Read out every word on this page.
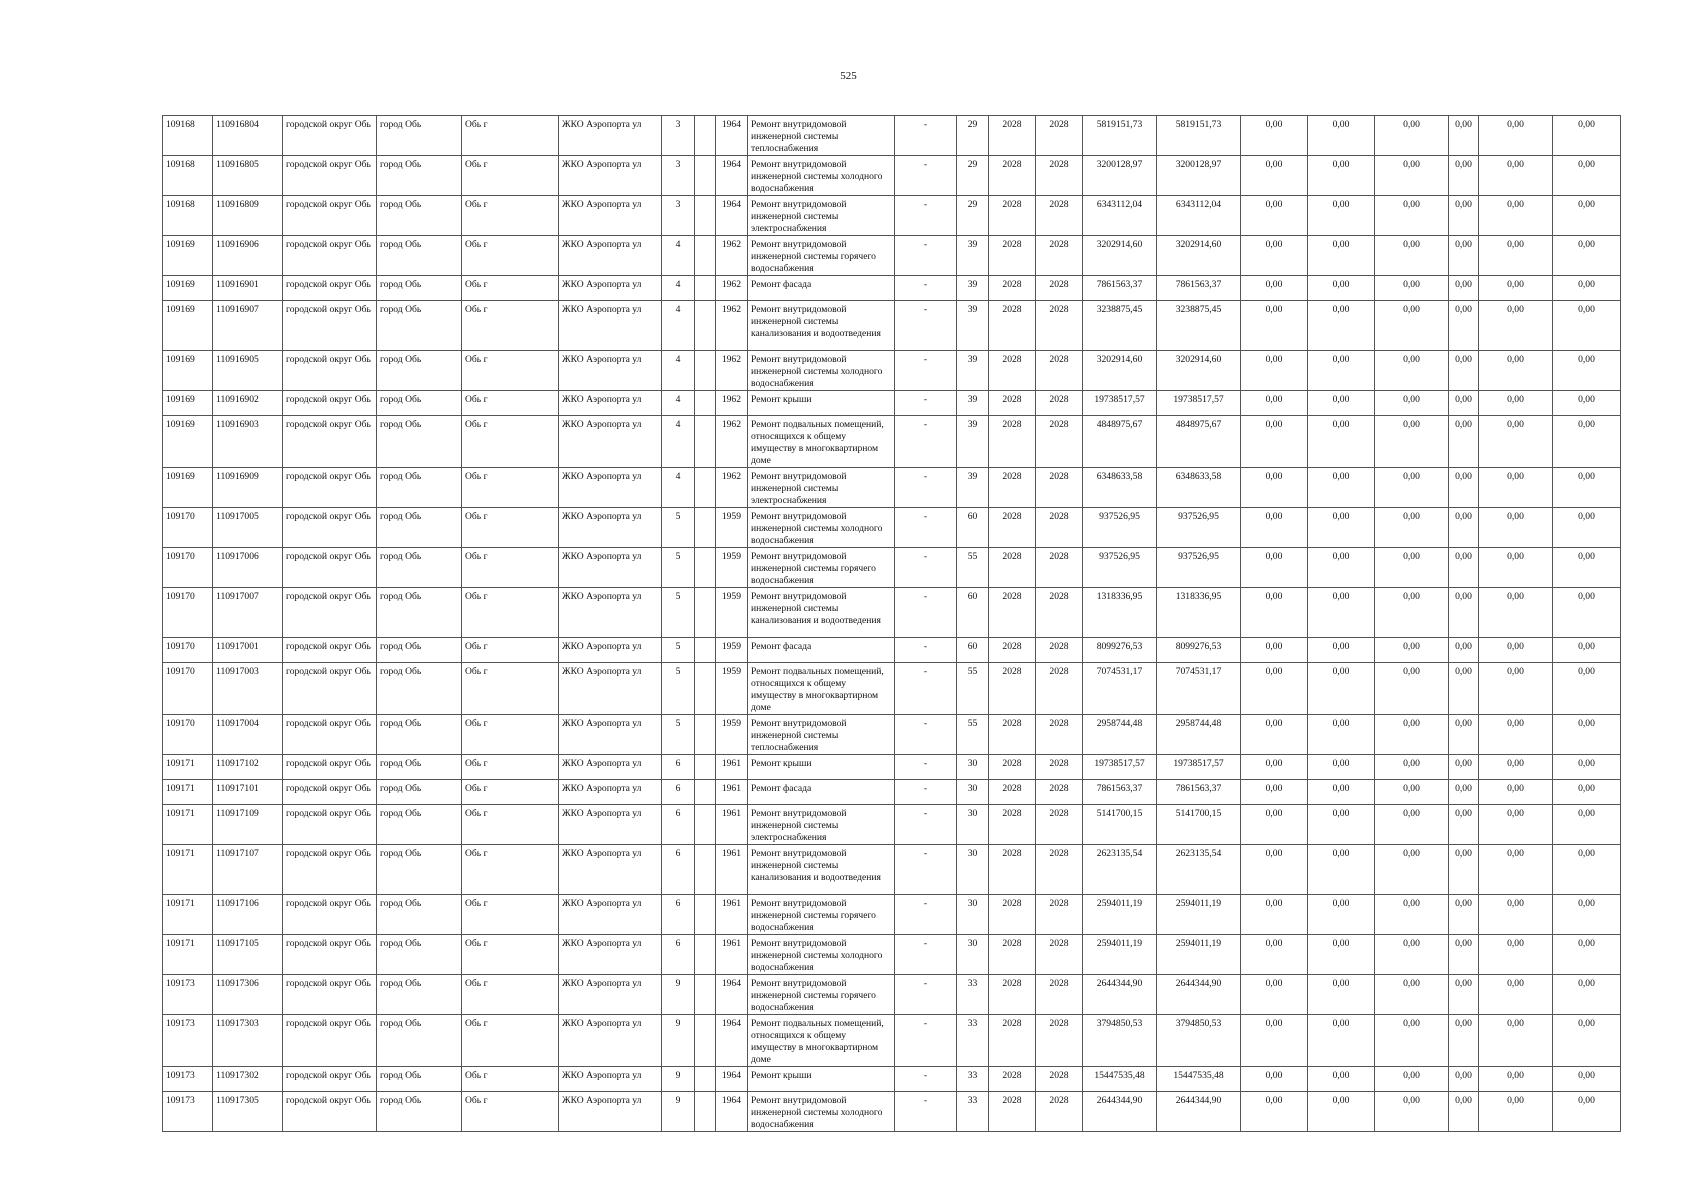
525
109168	110916804	городской округ Обь	город Обь	Обь г	ЖКО Аэропорта ул	3		1964	Ремонт внутридомовой инженерной системы теплоснабжения	-	29	2028	2028	5819151,73	5819151,73	0,00	0,00	0,00	0,00	0,00	0,00
109168	110916805	городской округ Обь	город Обь	Обь г	ЖКО Аэропорта ул	3		1964	Ремонт внутридомовой инженерной системы холодного водоснабжения	-	29	2028	2028	3200128,97	3200128,97	0,00	0,00	0,00	0,00	0,00	0,00
109168	110916809	городской округ Обь	город Обь	Обь г	ЖКО Аэропорта ул	3		1964	Ремонт внутридомовой инженерной системы электроснабжения	-	29	2028	2028	6343112,04	6343112,04	0,00	0,00	0,00	0,00	0,00	0,00
109169	110916906	городской округ Обь	город Обь	Обь г	ЖКО Аэропорта ул	4		1962	Ремонт внутридомовой инженерной системы горячего водоснабжения	-	39	2028	2028	3202914,60	3202914,60	0,00	0,00	0,00	0,00	0,00	0,00
109169	110916901	городской округ Обь	город Обь	Обь г	ЖКО Аэропорта ул	4		1962	Ремонт фасада	-	39	2028	2028	7861563,37	7861563,37	0,00	0,00	0,00	0,00	0,00	0,00
109169	110916907	городской округ Обь	город Обь	Обь г	ЖКО Аэропорта ул	4		1962	Ремонт внутридомовой инженерной системы канализования и водоотведения	-	39	2028	2028	3238875,45	3238875,45	0,00	0,00	0,00	0,00	0,00	0,00
109169	110916905	городской округ Обь	город Обь	Обь г	ЖКО Аэропорта ул	4		1962	Ремонт внутридомовой инженерной системы холодного водоснабжения	-	39	2028	2028	3202914,60	3202914,60	0,00	0,00	0,00	0,00	0,00	0,00
109169	110916902	городской округ Обь	город Обь	Обь г	ЖКО Аэропорта ул	4		1962	Ремонт крыши	-	39	2028	2028	19738517,57	19738517,57	0,00	0,00	0,00	0,00	0,00	0,00
109169	110916903	городской округ Обь	город Обь	Обь г	ЖКО Аэропорта ул	4		1962	Ремонт подвальных помещений, относящихся к общему имуществу в многоквартирном доме	-	39	2028	2028	4848975,67	4848975,67	0,00	0,00	0,00	0,00	0,00	0,00
109169	110916909	городской округ Обь	город Обь	Обь г	ЖКО Аэропорта ул	4		1962	Ремонт внутридомовой инженерной системы электроснабжения	-	39	2028	2028	6348633,58	6348633,58	0,00	0,00	0,00	0,00	0,00	0,00
109170	110917005	городской округ Обь	город Обь	Обь г	ЖКО Аэропорта ул	5		1959	Ремонт внутридомовой инженерной системы холодного водоснабжения	-	60	2028	2028	937526,95	937526,95	0,00	0,00	0,00	0,00	0,00	0,00
109170	110917006	городской округ Обь	город Обь	Обь г	ЖКО Аэропорта ул	5		1959	Ремонт внутридомовой инженерной системы горячего водоснабжения	-	55	2028	2028	937526,95	937526,95	0,00	0,00	0,00	0,00	0,00	0,00
109170	110917007	городской округ Обь	город Обь	Обь г	ЖКО Аэропорта ул	5		1959	Ремонт внутридомовой инженерной системы канализования и водоотведения	-	60	2028	2028	1318336,95	1318336,95	0,00	0,00	0,00	0,00	0,00	0,00
109170	110917001	городской округ Обь	город Обь	Обь г	ЖКО Аэропорта ул	5		1959	Ремонт фасада	-	60	2028	2028	8099276,53	8099276,53	0,00	0,00	0,00	0,00	0,00	0,00
109170	110917003	городской округ Обь	город Обь	Обь г	ЖКО Аэропорта ул	5		1959	Ремонт подвальных помещений, относящихся к общему имуществу в многоквартирном доме	-	55	2028	2028	7074531,17	7074531,17	0,00	0,00	0,00	0,00	0,00	0,00
109170	110917004	городской округ Обь	город Обь	Обь г	ЖКО Аэропорта ул	5		1959	Ремонт внутридомовой инженерной системы теплоснабжения	-	55	2028	2028	2958744,48	2958744,48	0,00	0,00	0,00	0,00	0,00	0,00
109171	110917102	городской округ Обь	город Обь	Обь г	ЖКО Аэропорта ул	6		1961	Ремонт крыши	-	30	2028	2028	19738517,57	19738517,57	0,00	0,00	0,00	0,00	0,00	0,00
109171	110917101	городской округ Обь	город Обь	Обь г	ЖКО Аэропорта ул	6		1961	Ремонт фасада	-	30	2028	2028	7861563,37	7861563,37	0,00	0,00	0,00	0,00	0,00	0,00
109171	110917109	городской округ Обь	город Обь	Обь г	ЖКО Аэропорта ул	6		1961	Ремонт внутридомовой инженерной системы электроснабжения	-	30	2028	2028	5141700,15	5141700,15	0,00	0,00	0,00	0,00	0,00	0,00
109171	110917107	городской округ Обь	город Обь	Обь г	ЖКО Аэропорта ул	6		1961	Ремонт внутридомовой инженерной системы канализования и водоотведения	-	30	2028	2028	2623135,54	2623135,54	0,00	0,00	0,00	0,00	0,00	0,00
109171	110917106	городской округ Обь	город Обь	Обь г	ЖКО Аэропорта ул	6		1961	Ремонт внутридомовой инженерной системы горячего водоснабжения	-	30	2028	2028	2594011,19	2594011,19	0,00	0,00	0,00	0,00	0,00	0,00
109171	110917105	городской округ Обь	город Обь	Обь г	ЖКО Аэропорта ул	6		1961	Ремонт внутридомовой инженерной системы холодного водоснабжения	-	30	2028	2028	2594011,19	2594011,19	0,00	0,00	0,00	0,00	0,00	0,00
109173	110917306	городской округ Обь	город Обь	Обь г	ЖКО Аэропорта ул	9		1964	Ремонт внутридомовой инженерной системы горячего водоснабжения	-	33	2028	2028	2644344,90	2644344,90	0,00	0,00	0,00	0,00	0,00	0,00
109173	110917303	городской округ Обь	город Обь	Обь г	ЖКО Аэропорта ул	9		1964	Ремонт подвальных помещений, относящихся к общему имуществу в многоквартирном доме	-	33	2028	2028	3794850,53	3794850,53	0,00	0,00	0,00	0,00	0,00	0,00
109173	110917302	городской округ Обь	город Обь	Обь г	ЖКО Аэропорта ул	9		1964	Ремонт крыши	-	33	2028	2028	15447535,48	15447535,48	0,00	0,00	0,00	0,00	0,00	0,00
109173	110917305	городской округ Обь	город Обь	Обь г	ЖКО Аэропорта ул	9		1964	Ремонт внутридомовой инженерной системы холодного водоснабжения	-	33	2028	2028	2644344,90	2644344,90	0,00	0,00	0,00	0,00	0,00	0,00
